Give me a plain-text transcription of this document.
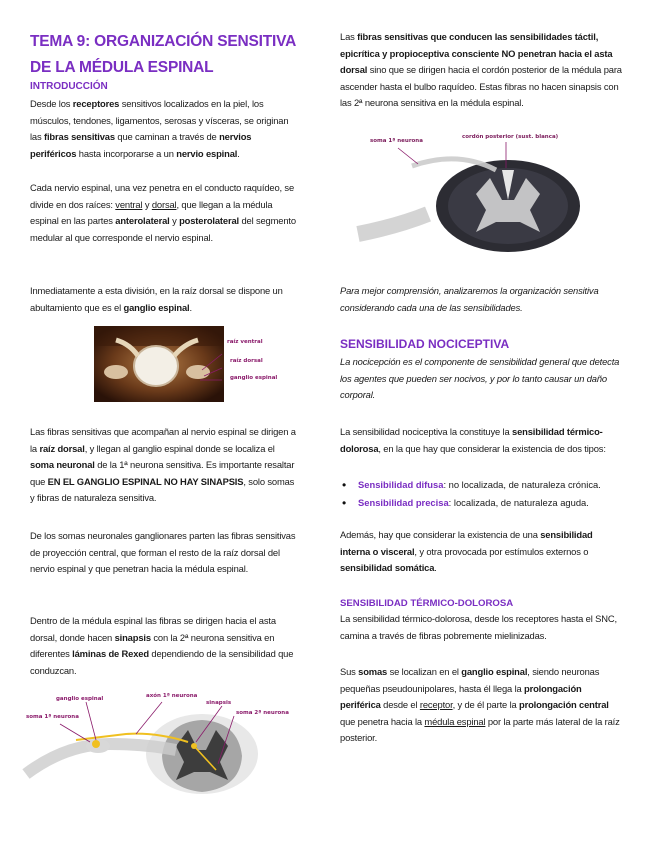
TEMA 9: ORGANIZACIÓN SENSITIVA DE LA MÉDULA ESPINAL
INTRODUCCIÓN

Desde los receptores sensitivos localizados en la piel, los músculos, tendones, ligamentos, serosas y vísceras, se originan las fibras sensitivas que caminan a través de nervios periféricos hasta incorporarse a un nervio espinal.

Cada nervio espinal, una vez penetra en el conducto raquídeo, se divide en dos raíces: ventral y dorsal, que llegan a la médula espinal en las partes anterolateral y posterolateral del segmento medular al que corresponde el nervio espinal.

Inmediatamente a esta división, en la raíz dorsal se dispone un abultamiento que es el ganglio espinal.

raíz ventral
raíz dorsal
ganglio espinal

Las fibras sensitivas que acompañan al nervio espinal se dirigen a la raíz dorsal, y llegan al ganglio espinal donde se localiza el soma neuronal de la 1ª neurona sensitiva. Es importante resaltar que EN EL GANGLIO ESPINAL NO HAY SINAPSIS, solo somas y fibras de naturaleza sensitiva.

De los somas neuronales ganglionares parten las fibras sensitivas de proyección central, que forman el resto de la raíz dorsal del nervio espinal y que penetran hacia la médula espinal.

Dentro de la médula espinal las fibras se dirigen hacia el asta dorsal, donde hacen sinapsis con la 2ª neurona sensitiva en diferentes láminas de Rexed dependiendo de la sensibilidad que conduzcan.

ganglio espinal	axón 1ª neurona
soma 1ª neurona
sinapsis
soma 2ª neurona

Las fibras sensitivas que conducen las sensibilidades táctil, epicrítica y propioceptiva consciente NO penetran hacia el asta dorsal sino que se dirigen hacia el cordón posterior de la médula para ascender hasta el bulbo raquídeo. Estas fibras no hacen sinapsis con las 2ª neurona sensitiva en la médula espinal.

soma 1ª neurona
cordón posterior (sust. blanca)

Para mejor comprensión, analizaremos la organización sensitiva considerando cada una de las sensibilidades.

SENSIBILIDAD NOCICEPTIVA

La nocicepción es el componente de sensibilidad general que detecta los agentes que pueden ser nocivos, y por lo tanto causar un daño corporal.

La sensibilidad nociceptiva la constituye la sensibilidad térmico-dolorosa, en la que hay que considerar la existencia de dos tipos:

• Sensibilidad difusa: no localizada, de naturaleza crónica.
• Sensibilidad precisa: localizada, de naturaleza aguda.

Además, hay que considerar la existencia de una sensibilidad interna o visceral, y otra provocada por estímulos externos o sensibilidad somática.

SENSIBILIDAD TÉRMICO-DOLOROSA

La sensibilidad térmico-dolorosa, desde los receptores hasta el SNC, camina a través de fibras pobremente mielinizadas.

Sus somas se localizan en el ganglio espinal, siendo neuronas pequeñas pseudounipolares, hasta él llega la prolongación periférica desde el receptor, y de él parte la prolongación central que penetra hacia la médula espinal por la parte más lateral de la raíz posterior.
